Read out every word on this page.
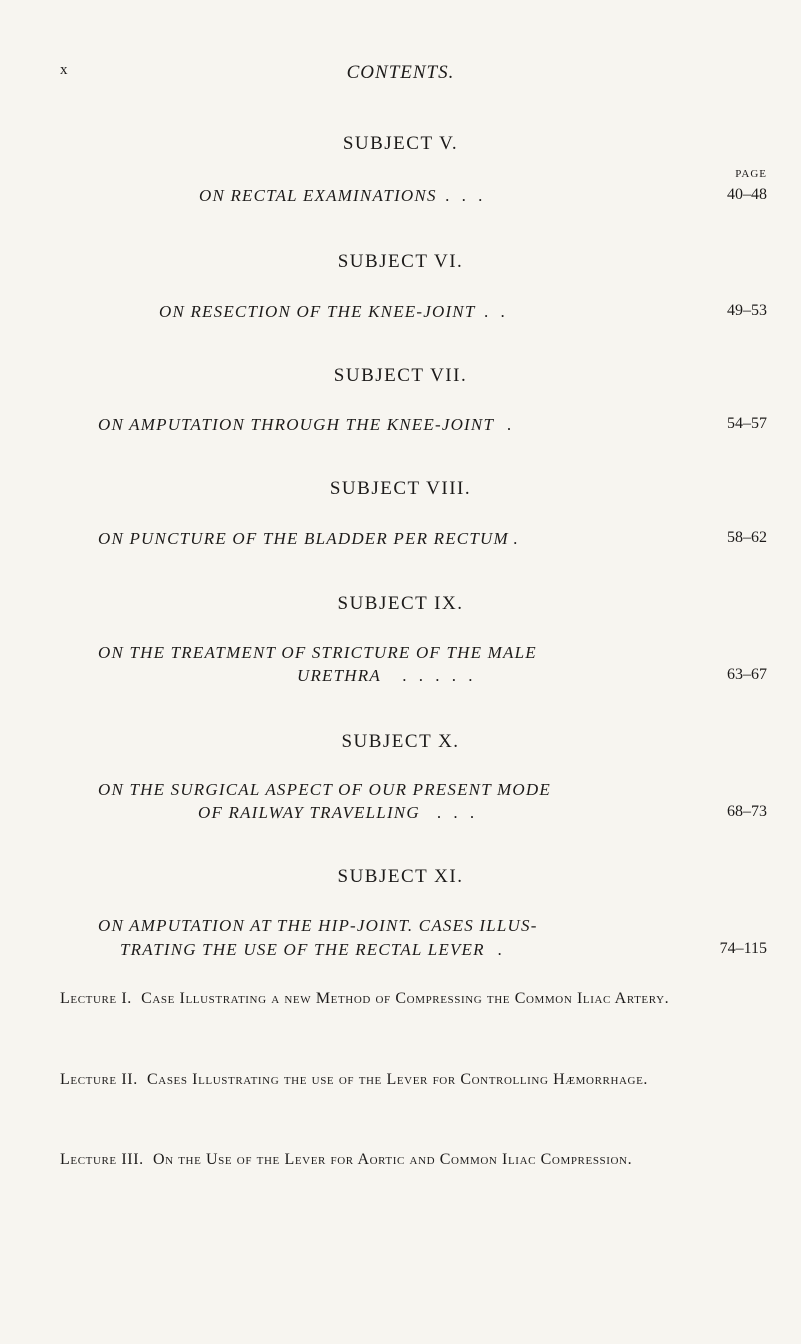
x	CONTENTS.
SUBJECT V.
PAGE
ON RECTAL EXAMINATIONS . . .	40–48
SUBJECT VI.
ON RESECTION OF THE KNEE-JOINT . .	49–53
SUBJECT VII.
ON AMPUTATION THROUGH THE KNEE-JOINT .	54–57
SUBJECT VIII.
ON PUNCTURE OF THE BLADDER PER RECTUM .	58–62
SUBJECT IX.
ON THE TREATMENT OF STRICTURE OF THE MALE
URETHRA . . . . .	63–67
SUBJECT X.
ON THE SURGICAL ASPECT OF OUR PRESENT MODE
OF RAILWAY TRAVELLING . . .	68–73
SUBJECT XI.
ON AMPUTATION AT THE HIP-JOINT. CASES ILLUS-
TRATING THE USE OF THE RECTAL LEVER .	74–115
Lecture I. Case Illustrating a new Method of Compressing the Common Iliac Artery.
Lecture II. Cases Illustrating the use of the Lever for Controlling Hæmorrhage.
Lecture III. On the Use of the Lever for Aortic and Common Iliac Compression.
